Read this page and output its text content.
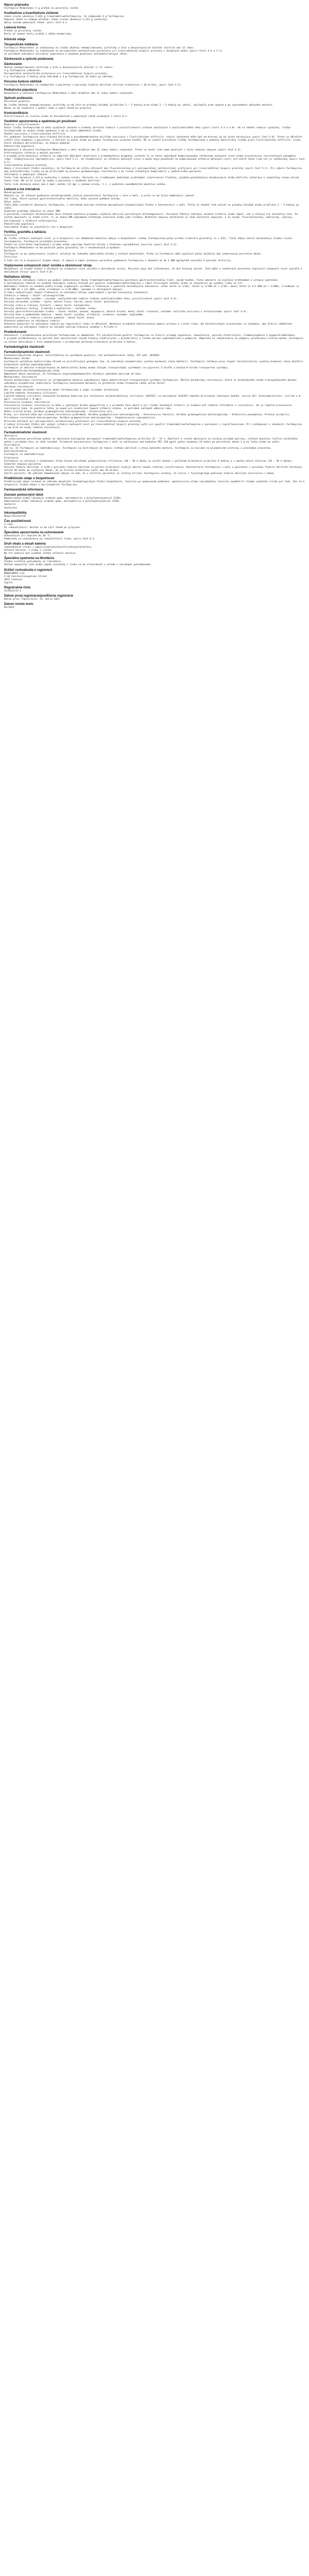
Názov prípravku
Fosfomycin Medochemie 3 g prášok na perorálny roztok
Kvalitatívne a kvantitatívne zloženie
Jedno vrecko obsahuje 5,631 g trometamóliumfosfomycínu, čo zodpovedá 3 g fosfomycínu.
Pomocná látka so známym účinkom: Jedno vrecko obsahuje 2,213 g sacharózy.
Úplný zoznam pomocných látok, pozri časť 6.1.
Lieková forma
Prášok na perorálny roztok.
Biely až takmer biely prášok s vôňou mandarínky.
Klinické údaje
Terapeutické indikácie
Fosfomycin Medochemie je indikovaný na liečbu akútnej nekomplikovanej cystitídy u žien a dospievajúcich dievčat staršich ako 12 rokov.
Fosfomycin Medochemie je indikovaný na perioperačnú antibiotickú profylaxiu pri transrektálnej biopsii prostaty u dospelých mužov (pozri časti 4.4 a 5.1).
Je potrebné zohľadniť oficiálne usmernenia o vhodnom používaní antibakteriálnych látok.
Dávkovanie a spôsob podávania
Dávkovanie
Akútna nekomplikovaná cystitída u žien a dospievajúcich dievčat (> 12 rokov):
3 g fosfomycínu jedenkrát.
Perioperačná antibiotická profylaxia pri transrektálnej biopsii prostaty:
3 g fosfomycínu 3 hodiny pred zákrokom a 3 g fosfomycínu 24 hodín po zákroku.
Porucha funkcie obličiek
Fosfomycin Medochemie sa neodporúča u pacientov s poruchou funkcie obličiek (klírens kreatinínu < 10 ml/min, pozri časť 5.2).
Pediatrická populácia
Bezpečnosť a účinnosť Fosfomycinu Medochemie u detí mladších ako 12 rokov neboli stanovené.
Spôsob podávania
Perorálne použitie.
Na liečbu akútnej nekomplikovanej cystitídy sa má užiť na prázdny žalúdok (približne 2 – 3 hodiny pred alebo 2 – 3 hodiny po jedle), najlepšie pred spaním a po vyprázdnení močového mechúra.
Dávka sa má rozpustiť v pohári vody a vypiť ihneď po príprave.
Kontraindikácie
Precitlivenosť na liečivo alebo na ktorúkoľvek z pomocných látok uvedených v časti 6.1.
Osobitné upozornenia a opatrenia pri používaní
Reakcie z precitlivenosti
Počas liečby fosfomycínom sa môžu vyskytnúť závažné a niekedy smrteľné reakcie z precitlivenosti vrátane anafylaxie a anafylaktického šoku (pozri časti 4.3 a 4.8). Ak sa takéto reakcie vyskytnú, liečba fosfomycínom sa nesmie nikdy opakovať a má sa začať adekvátna liečba.
Hnačka súvisiaca s Clostridioides difficile
Pri podávaní fosfomycínu bola hlásená kolitída a pseudomembranózna kolitída súvisiaca s Clostridioides difficile, ktorej závažnosť môže byť od miernej až po život ohrozujúcu (pozri časť 4.8). Preto je dôležité zvážiť túto diagnózu u pacientov, u ktorých sa počas alebo po podaní fosfomycínu vyskytne hnačka. Má sa zvážiť prerušenie liečby fosfomycínom a podanie špecifickej liečby proti Clostridioides difficile. Lieky, ktoré inhibujú peristaltiku, sa nemajú podávať.
Pediatrická populácia
Bezpečnosť a účinnosť Fosfomycinu Medochemie u detí mladších ako 12 rokov neboli stanovené. Preto sa tento liek nemá používať v tejto vekovej skupine (pozri časť 4.2).
Pretrvávajúce infekcie a mužskí pacienti
V prípade pretrvávajúcej infekcie sa odporúča dôkladné vyšetrenie a prehodnotenie diagnózy, pretože to je často spôsobené komplikovanými infekciami močových ciest alebo prevalenciou rezistentných patogénov (napr. Staphylococcus saprophyticus, pozri časť 5.1). Vo všeobecnosti sa infekcie močových ciest u mužov majú považovať za komplikované infekcie močových ciest, pre ktoré tento liek nie je indikovaný (pozri časť 4.1).
Transrektálna biopsia prostaty
Údaje z klinických štúdií naznačujú, že fosfomycín má nižšiu účinnosť ako fluorochinolóny pri perioperačnej antibiotickej profylaxii pri transrektálnej biopsii prostaty (pozri časť 5.1). Pri výbere fosfomycínu ako profylaktickej liečby sa má prihliadať na miestnu epidemiológiu rezistencie a na riziko infekčných komplikácií u jednotlivého pacienta.
Informácie o pomocných látkach
Tento liek obsahuje 2,213 g sacharózy v jednom vrecku. Pacienti so zriedkavými dedičnými problémami intolerancie fruktózy, glukózo-galaktózovej malabsorpcie alebo deficitu sacharázy a izomaltázy nesmú užívať tento liek. Má sa to vziať do úvahy u pacientov s diabetes mellitus.
Tento liek obsahuje menej ako 1 mmol sodíka (23 mg) v jednom vrecku, t.j. v podstate zanedbateľné množstvo sodíka.
Liekové a iné interakcie
Metoklopramid:
Ukázalo sa, že súčasné podávanie metoklopramidu znižuje koncentrácie fosfomycínu v sére a moči, a preto sa má tejto kombinácii vyhnúť.
Iné lieky, ktoré zvyšujú gastrointestinálnu motilitu, môžu vyvolať podobné účinky.
Vplyv jedla:
Jedlo môže oneskoriť absorpciu fosfomycínu, s následným miernym znížením maximálnych plazmatických hladín a koncentrácií v moči. Preto je vhodné liek užívať na prázdny žalúdok alebo približne 2 – 3 hodiny po jedle.
Osobitné problémy týkajúce sa zmien INR:
U pacientov liečených antibiotikami bolo hlásené množstvo prípadov zvýšenia aktivity perorálnych antikoagulancií. Rizikové faktory zahŕňajú závažnú infekciu alebo zápal, vek a celkový zlý zdravotný stav. Za týchto okolností je ťažké určiť, či je zmena INR spôsobená infekčným ochorením alebo jeho liečbou. Niektoré skupiny antibiotík sú však častejšie zapojené, a to najmä: fluorochinolóny, makrolidy, cyklíny, kotrimoxazol a niektoré cefalosporíny.
Pediatrická populácia
Interakčné štúdie sa uskutočnili len u dospelých.
Fertilita, gravidita a laktácia
Gravidita
Na liečbu infekcií močových ciest je k dispozícii len obmedzené množstvo údajov o bezpečnosti liečby fosfomycínom počas prvého trimestra gravidity (n = 152). Tieto údaje zatiaľ nenaznačujú žiadne riziko teratogenity. Fosfomycín prechádza placentou.
Štúdie na zvieratách nepreukázali priame alebo nepriame škodlivé účinky z hľadiska reprodukčnej toxicity (pozri časť 5.3).
Fosfomycin Medochemie sa má používať počas gravidity len v nevyhnutných prípadoch.
Dojčenie
Fosfomycín sa po jednorazovej injekcii vylučuje do ľudského materského mlieka v nízkych množstvách. Preto sa fosfomycín môže používať počas dojčenia ako jednorazová perorálna dávka.
Fertilita
U ľudí nie sú k dispozícii žiadne údaje. U samcov a samíc potkanov perorálne podávanie fosfomycínu v dávkach až do 1 000 mg/kg/deň neviedlo k poruche fertility.
Ovplyvnenie schopnosti viesť vozidlá a obsluhovať stroje
Nevykonali sa žiadne štúdie o účinkoch na schopnosť viesť vozidlá a obsluhovať stroje. Pacienti majú byť informovaní, že bol hlásený závrat. Toto môže u niektorých pacientov ovplyvniť schopnosť viesť vozidlá a obsluhovať stroje (pozri časť 4.8).
Nežiaduce účinky
Najčastejšie nežiaduce reakcie po podaní jednorazovej dávky trometamóliumfosfomycínu postihujú gastrointestinálny trakt, najmä hnačka. Tieto udalosti sú zvyčajne krátkodobé a ustúpia spontánne.
V nasledujúcej tabuľke sú uvedené nežiaduce reakcie hlásené pri použití trometamóliumfosfomycínu v rámci klinických skúšaní alebo zo skúseností po uvedení lieku na trh.
Nežiaduce reakcie sú uvedené podľa triedy orgánových systémov a frekvencie s použitím nasledujúcej konvencie: veľmi časté (≥ 1/10), časté (≥ 1/100 až < 1/10), menej časté (≥ 1/1 000 až < 1/100), zriedkavé (≥ 1/10 000 až < 1/1 000), veľmi zriedkavé (< 1/10 000), neznáme (z dostupných údajov).
V rámci jednotlivých skupín frekvencií sú nežiaduce účinky usporiadané v poradí klesajúcej závažnosti.
Infekcie a nákazy – časté: vulvovaginitída.
Poruchy imunitného systému – neznáme: anafylaktické reakcie vrátane anafylaktického šoku, precitlivenosť (pozri časť 4.4).
Poruchy nervového systému – časté: bolesť hlavy, závrat; menej časté: parestézia.
Poruchy srdca a srdcovej činnosti – menej časté: tachykardia.
Poruchy dýchacej sústavy, hrudníka a mediastína – neznáme: astma.
Poruchy gastrointestinálneho traktu – časté: hnačka, nauzea, dyspepsia, bolesť brucha; menej časté: vracanie; neznáme: kolitída súvisiaca s antibiotikami (pozri časť 4.4).
Poruchy kože a podkožného tkaniva – menej časté: vyrážka, urtikária, svrbenie; neznáme: angioedém.
Celkové poruchy a reakcie v mieste podania – menej časté: únava.
Hlásenie podozrení na nežiaduce reakcie
Hlásenie podozrení na nežiaduce reakcie po registrácii lieku je dôležité. Umožňuje priebežné monitorovanie pomeru prínosu a rizika lieku. Od zdravotníckych pracovníkov sa vyžaduje, aby hlásili akékoľvek podozrenia na nežiaduce reakcie na národné centrum hlásenia uvedené v Prílohe V.
Predávkovanie
Skúsenosti s predávkovaním perorálnym fosfomycínom sú obmedzené. Pri parenterálnom použití fosfomycínu sa hlásili prípady hypotonie, somnolencie, poruchy elektrolytov, trombocytopénie a hypoprotrombinémie.
V prípade predávkovania sa pacient musí monitorovať (najmä hladiny elektrolytov v plazme/sére) a liečba má byť symptomatická a podporná. Odporúča sa rehydratácia na podporu vylučovania liečiva močom. Fosfomycín sa účinne odstraňuje z tela hemodialýzou s priemerným polčasom eliminácie približne 4 hodiny.
Farmakologické vlastnosti
Farmakodynamické vlastnosti
Farmakoterapeutická skupina: Antiinfektíva na systémové použitie, iné antibakteriálne látky, ATC kód: J01XX01
Mechanizmus účinku
Fosfomycín uplatňuje baktericídny účinok na proliferujúce patogény tým, že zabraňuje enzymatickej syntéze bunkovej steny baktérií. Fosfomycín inhibuje prvý stupeň intracelulárnej syntézy bunkovej steny baktérií blokovaním syntézy peptidoglykánu.
Fosfomycín je aktívne transportovaný do bakteriálnej bunky dvoma rôznymi transportnými systémami (sn-glycerol-3-fosfát a hexóza-6-fosfát transportné systémy).
Farmakokinetický/farmakodynamický vzťah
Obmedzené údaje naznačujú, že fosfomycín najpravdepodobnejšie účinkuje spôsobom závislým od času.
Mechanizmus rezistencie
Hlavný mechanizmus rezistencie je chromozomálna mutácia spôsobujúca zmenu bakteriálnych transportných systémov fosfomycínu. Ďalšie mechanizmy rezistencie, ktoré sú plazmidového alebo transpozónového pôvodu, spôsobujú enzymatickú inaktiváciu fosfomycínu naviazaním molekuly na glutatión alebo štiepením väzby uhlík-fosfor.
Skrížená rezistencia
Nie je známa skrížená rezistencia medzi fosfomycínom a inými triedami antibiotík.
Limitné hodnoty testovania citlivosti
Limitné hodnoty citlivosti stanovené Európskou komisiou pre testovanie antimikrobiálnej citlivosti (EUCAST) sú nasledovné (EUCAST tabuľka klinických limitných hodnôt, verzia 10): Enterobacterales: citlivé ≤ 8 mg/l, rezistentné > 8 mg/l.
Prevalencia získanej rezistencie
Prevalencia získanej rezistencie sa môže u vybraných druhov geograficky a v priebehu času meniť a pri liečbe závažných infekcií je žiaduce mať lokálne informácie o rezistencii. Ak je lokálna prevalencia rezistencie taká, že použitie látky je aspoň pri niektorých typoch infekcií otázne, je potrebné vyhľadať odbornú radu.
Bežne citlivé druhy: Aeróbne gramnegatívne mikroorganizmy – Escherichia coli.
Druhy, pri ktorých môže byť získaná rezistencia problémom: Aeróbne grampozitívne mikroorganizmy – Enterococcus faecalis; Aeróbne gramnegatívne mikroorganizmy – Klebsiella pneumoniae, Proteus mirabilis.
Prirodzene rezistentné mikroorganizmy: Aeróbne grampozitívne mikroorganizmy – Staphylococcus saprophyticus.
Klinická účinnosť pri perioperačnej antibiotickej profylaxii pri transrektálnej biopsii prostaty
V jednej klinickej štúdii bol výskyt infekcií močových ciest po transrektálnej biopsii prostaty vyšší pri použití trometamóliumfosfomycínu v porovnaní s ciprofloxacínom. Pri rozhodovaní o vhodnosti fosfomycínu sa má brať do úvahy lokálna rezistencia.
Farmakokinetické vlastnosti
Absorpcia
Po jednorazovom perorálnom podaní je absolútna biologická dostupnosť trometamóliumfosfomycínu približne 33 – 53 %. Rýchlosť a rozsah absorpcie sa znižujú príjmom potravy, celkové množstvo liečiva vylúčeného močom v priebehu času je však rovnaké. Priemerné koncentrácie fosfomycínu v moči sa udržiavajú nad hodnotou MIC 128 μg/ml počas najmenej 24 hodín po perorálnej dávke 3 g na lačno alebo po jedle.
Distribúcia
Zdá sa, že fosfomycín sa nemetabolizuje. Fosfomycín sa distribuuje do tkanív vrátane obličiek a steny močového mechúra. Fosfomycín sa neviaže na plazmatické proteíny a prechádza placentou.
Biotransformácia
Fosfomycín sa nemetabolizuje.
Eliminácia
Fosfomycín sa vylučuje v nezmenenej forme hlavne obličkami glomerulárnou filtráciou (40 – 50 % dávky sa vylúči močom) s polčasom eliminácie približne 4 hodiny a v menšej miere stolicou (18 – 28 % dávky).
Osobitné skupiny pacientov
Porucha funkcie obličiek: U osôb s poruchou funkcie obličiek sa polčas eliminácie zvyšuje úmerne stupňu renálnej insuficiencie. Koncentrácie fosfomycínu v moči u pacientov s poruchou funkcie obličiek zostávajú účinné 48 hodín po zvyčajnej dávke, ak je klírens kreatinínu vyšší ako 10 ml/min.
Starší pacienti: Na základe obmedzených údajov sa zdá, že u starších pacientov je renálny klírens fosfomycínu znížený, čo súvisí s fyziologickým poklesom funkcie obličiek súvisiacim s vekom.
Predklinické údaje o bezpečnosti
Predklinické údaje získané na základe obvyklých farmakologických štúdií bezpečnosti, toxicity po opakovanom podávaní, genotoxicity alebo reprodukčnej toxicity neodhalili žiadne osobitné riziko pre ľudí. Nie sú k dispozícii žiadne údaje o karcinogenite fosfomycínu.
Farmaceutické informácie
Zoznam pomocných látok
Mandarínková aróma (obsahuje arabskú gumu, maltodextrín a butylhydroxyanizol E320)
Pomarančová aróma (obsahuje arabskú gumu, maltodextrín a butylhydroxyanizol E320)
Sacharín
Sacharóza
Inkompatibility
Neaplikovateľné.
Čas použiteľnosti
3 roky.
Po rekonštitúcii: Roztok sa má užiť ihneď po príprave.
Špeciálne upozornenia na uchovávanie
Uchovávajte pri teplote do 30 °C.
Podmienky na uchovávanie po rekonštitúcii lieku, pozri časť 6.3.
Druh obalu a obsah balenia
Jednodávkové vrecko z papiera/polyetylénu/hliníka/polyetylénu.
Veľkosť balenia: 1 alebo 2 vrecká.
Na trh nemusia byť uvedené všetky veľkosti balenia.
Špeciálne opatrenia na likvidáciu
Žiadne zvláštne požiadavky na likvidáciu.
Všetok nepoužitý liek alebo odpad vzniknutý z lieku sa má zlikvidovať v súlade s národnými požiadavkami.
Držiteľ rozhodnutia o registrácii
MEDOCHEMIE Ltd.
1-10 Constantinoupoleos Street
3011 Limassol
Cyprus
Registračné číslo
15/0123/21-S
Dátum prvej registrácie/predĺženia registrácie
Dátum prvej registrácie: 23. marca 2021
Dátum revízie textu
03/2023
